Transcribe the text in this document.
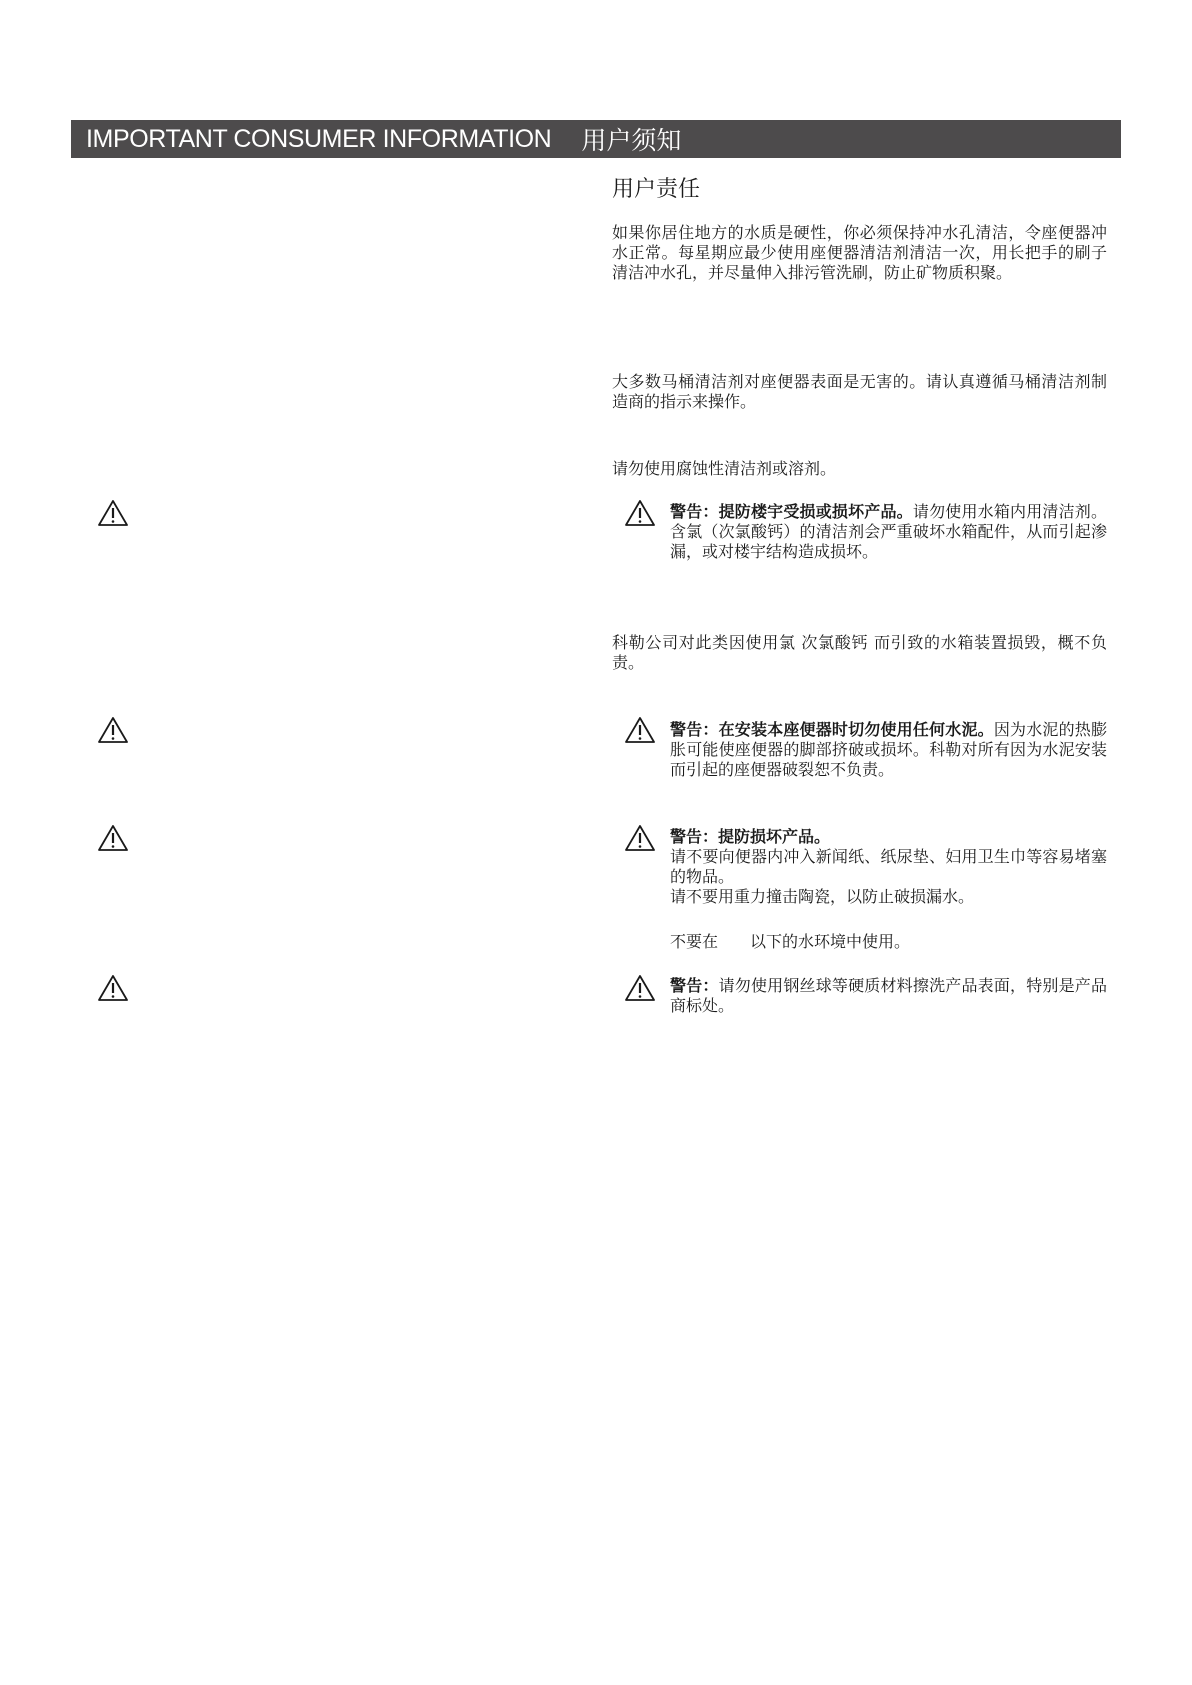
IMPORTANT CONSUMER INFORMATION 用户须知
用户责任
如果你居住地方的水质是硬性，你必须保持冲水孔清洁，令座便器冲水正常。每星期应最少使用座便器清洁剂清洁一次，用长把手的刷子清洁冲水孔，并尽量伸入排污管洗刷，防止矿物质积聚。
大多数马桶清洁剂对座便器表面是无害的。请认真遵循马桶清洁剂制造商的指示来操作。
请勿使用腐蚀性清洁剂或溶剂。
警告：提防楼宇受损或损坏产品。请勿使用水箱内用清洁剂。含氯（次氯酸钙）的清洁剂会严重破坏水箱配件，从而引起渗漏，或对楼宇结构造成损坏。
科勒公司对此类因使用氯 次氯酸钙 而引致的水箱装置损毁，概不负责。
警告：在安装本座便器时切勿使用任何水泥。因为水泥的热膨胀可能使座便器的脚部挤破或损坏。科勒对所有因为水泥安装而引起的座便器破裂恕不负责。
警告：提防损坏产品。
请不要向便器内冲入新闻纸、纸尿垫、妇用卫生巾等容易堵塞的物品。
请不要用重力撞击陶瓷，以防止破损漏水。
不要在 以下的水环境中使用。
警告：请勿使用钢丝球等硬质材料擦洗产品表面，特别是产品商标处。
